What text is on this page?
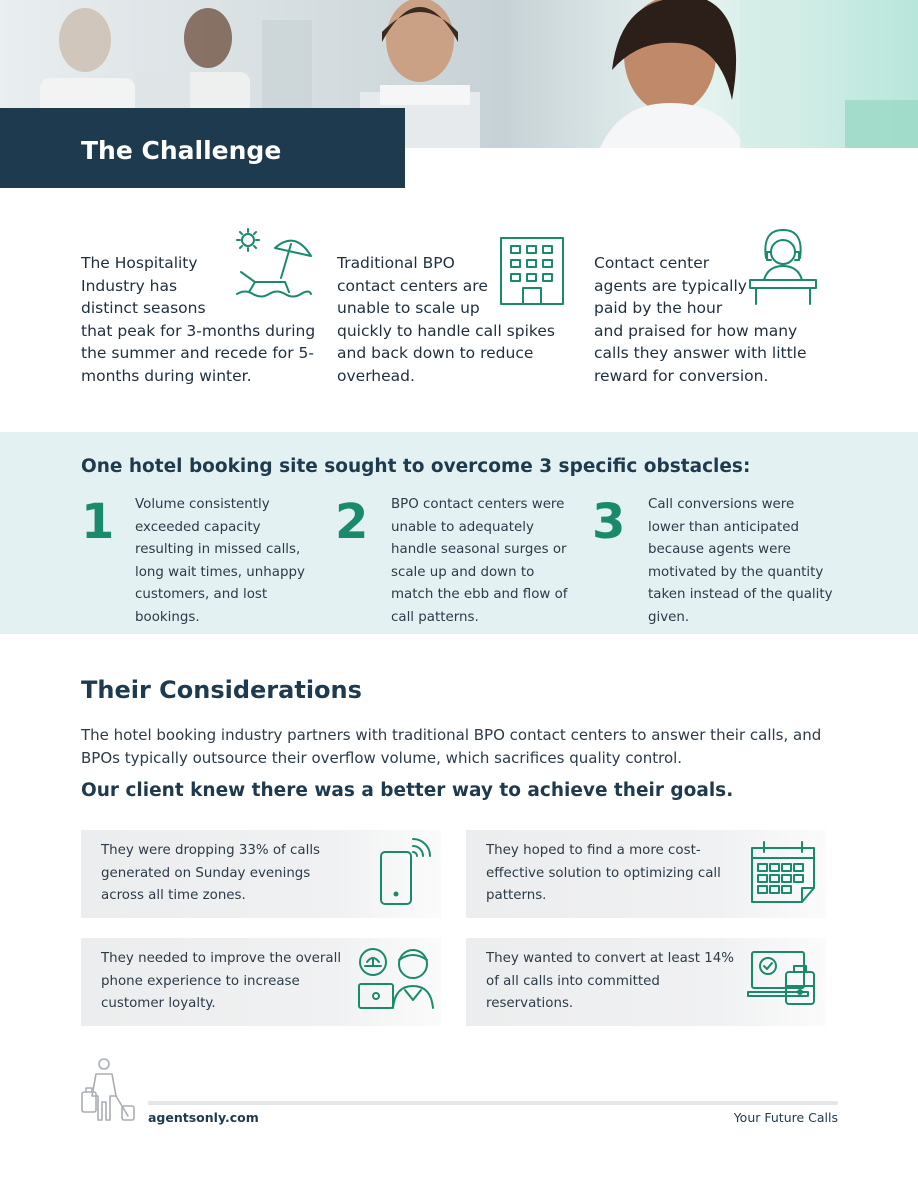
The Challenge

The Hospitality Industry has distinct seasons that peak for 3-months during the summer and recede for 5-months during winter.

Traditional BPO contact centers are unable to scale up quickly to handle call spikes and back down to reduce overhead.

Contact center agents are typically paid by the hour and praised for how many calls they answer with little reward for conversion.

One hotel booking site sought to overcome 3 specific obstacles:
1 Volume consistently exceeded capacity resulting in missed calls, long wait times, unhappy customers, and lost bookings.
2 BPO contact centers were unable to adequately handle seasonal surges or scale up and down to match the ebb and flow of call patterns.
3 Call conversions were lower than anticipated because agents were motivated by the quantity taken instead of the quality given.
Their Considerations
The hotel booking industry partners with traditional BPO contact centers to answer their calls, and BPOs typically outsource their overflow volume, which sacrifices quality control.
Our client knew there was a better way to achieve their goals.
They were dropping 33% of calls generated on Sunday evenings across all time zones.
They hoped to find a more cost-effective solution to optimizing call patterns.
They needed to improve the overall phone experience to increase customer loyalty.
They wanted to convert at least 14% of all calls into committed reservations.
agentsonly.com	Your Future Calls
